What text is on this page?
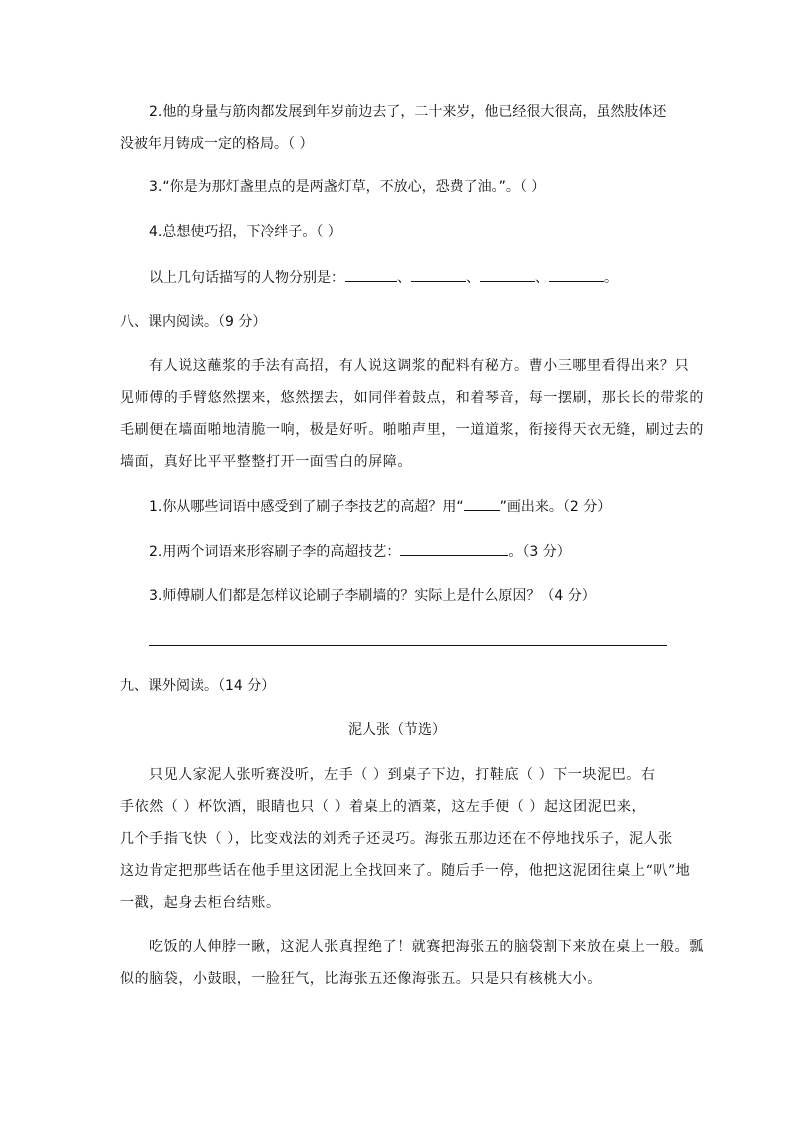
2.他的身量与筋肉都发展到年岁前边去了，二十来岁，他已经很大很高，虽然肢体还
没被年月铸成一定的格局。（ ）
3.“你是为那灯盏里点的是两盏灯草，不放心，恐费了油。”。（ ）
4.总想使巧招，下冷绊子。（ ）
以上几句话描写的人物分别是：	、	、	、	。
八、课内阅读。（9 分）
有人说这蘸浆的手法有高招，有人说这调浆的配料有秘方。曹小三哪里看得出来？只
见师傅的手臂悠然摆来，悠然摆去，如同伴着鼓点，和着琴音，每一摆刷，那长长的带浆的
毛刷便在墙面啪地清脆一响，极是好听。啪啪声里，一道道浆，衔接得天衣无缝，刷过去的
墙面，真好比平平整整打开一面雪白的屏障。
1.你从哪些词语中感受到了刷子李技艺的高超？用“	”画出来。（2 分）
2.用两个词语来形容刷子李的高超技艺：	。（3 分）
3.师傅刷人们都是怎样议论刷子李刷墙的？实际上是什么原因？（4 分）
九、课外阅读。（14 分）
泥人张（节选）
只见人家泥人张听赛没听，左手（ ）到桌子下边，打鞋底（ ）下一块泥巴。右
手依然（ ）杯饮酒，眼睛也只（ ）着桌上的酒菜，这左手便（ ）起这团泥巴来，
几个手指飞快（ ），比变戏法的刘秃子还灵巧。海张五那边还在不停地找乐子，泥人张
这边肯定把那些话在他手里这团泥上全找回来了。随后手一停，他把这泥团往桌上“叭”地
一戳，起身去柜台结账。
吃饭的人伸脖一瞅，这泥人张真捏绝了！就赛把海张五的脑袋割下来放在桌上一般。瓢
似的脑袋，小鼓眼，一脸狂气，比海张五还像海张五。只是只有核桃大小。
